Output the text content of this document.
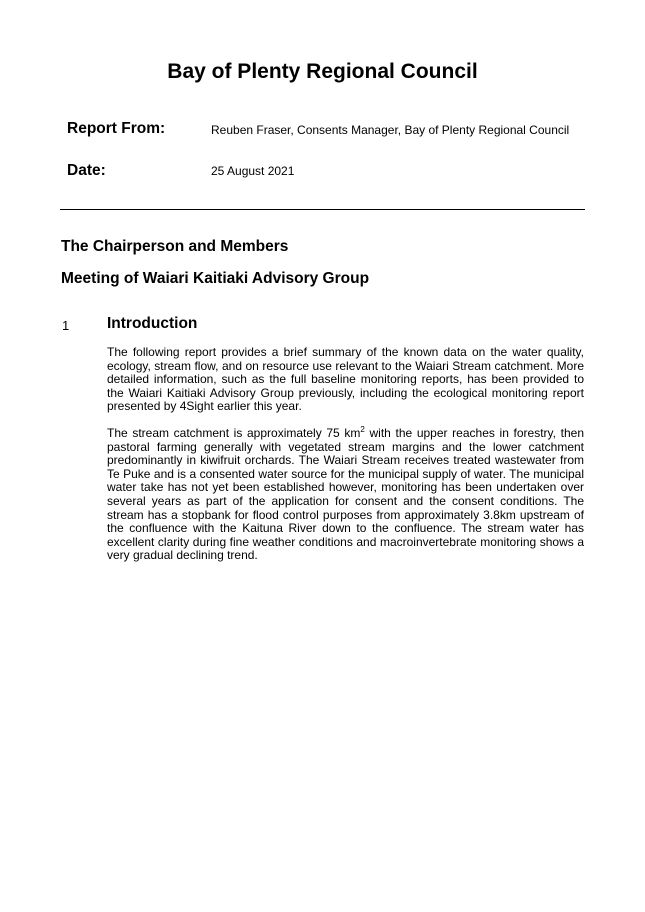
Bay of Plenty Regional Council
Report From:	Reuben Fraser, Consents Manager, Bay of Plenty Regional Council
Date:	25 August 2021
The Chairperson and Members
Meeting of Waiari Kaitiaki Advisory Group
1 Introduction

The following report provides a brief summary of the known data on the water quality, ecology, stream flow, and on resource use relevant to the Waiari Stream catchment. More detailed information, such as the full baseline monitoring reports, has been provided to the Waiari Kaitiaki Advisory Group previously, including the ecological monitoring report presented by 4Sight earlier this year.

The stream catchment is approximately 75 $km^2$ with the upper reaches in forestry, then pastoral farming generally with vegetated stream margins and the lower catchment predominantly in kiwifruit orchards. The Waiari Stream receives treated wastewater from Te Puke and is a consented water source for the municipal supply of water. The municipal water take has not yet been established however, monitoring has been undertaken over several years as part of the application for consent and the consent conditions. The stream has a stopbank for flood control purposes from approximately 3.8km upstream of the confluence with the Kaituna River down to the confluence. The stream water has excellent clarity during fine weather conditions and macroinvertebrate monitoring shows a very gradual declining trend.
